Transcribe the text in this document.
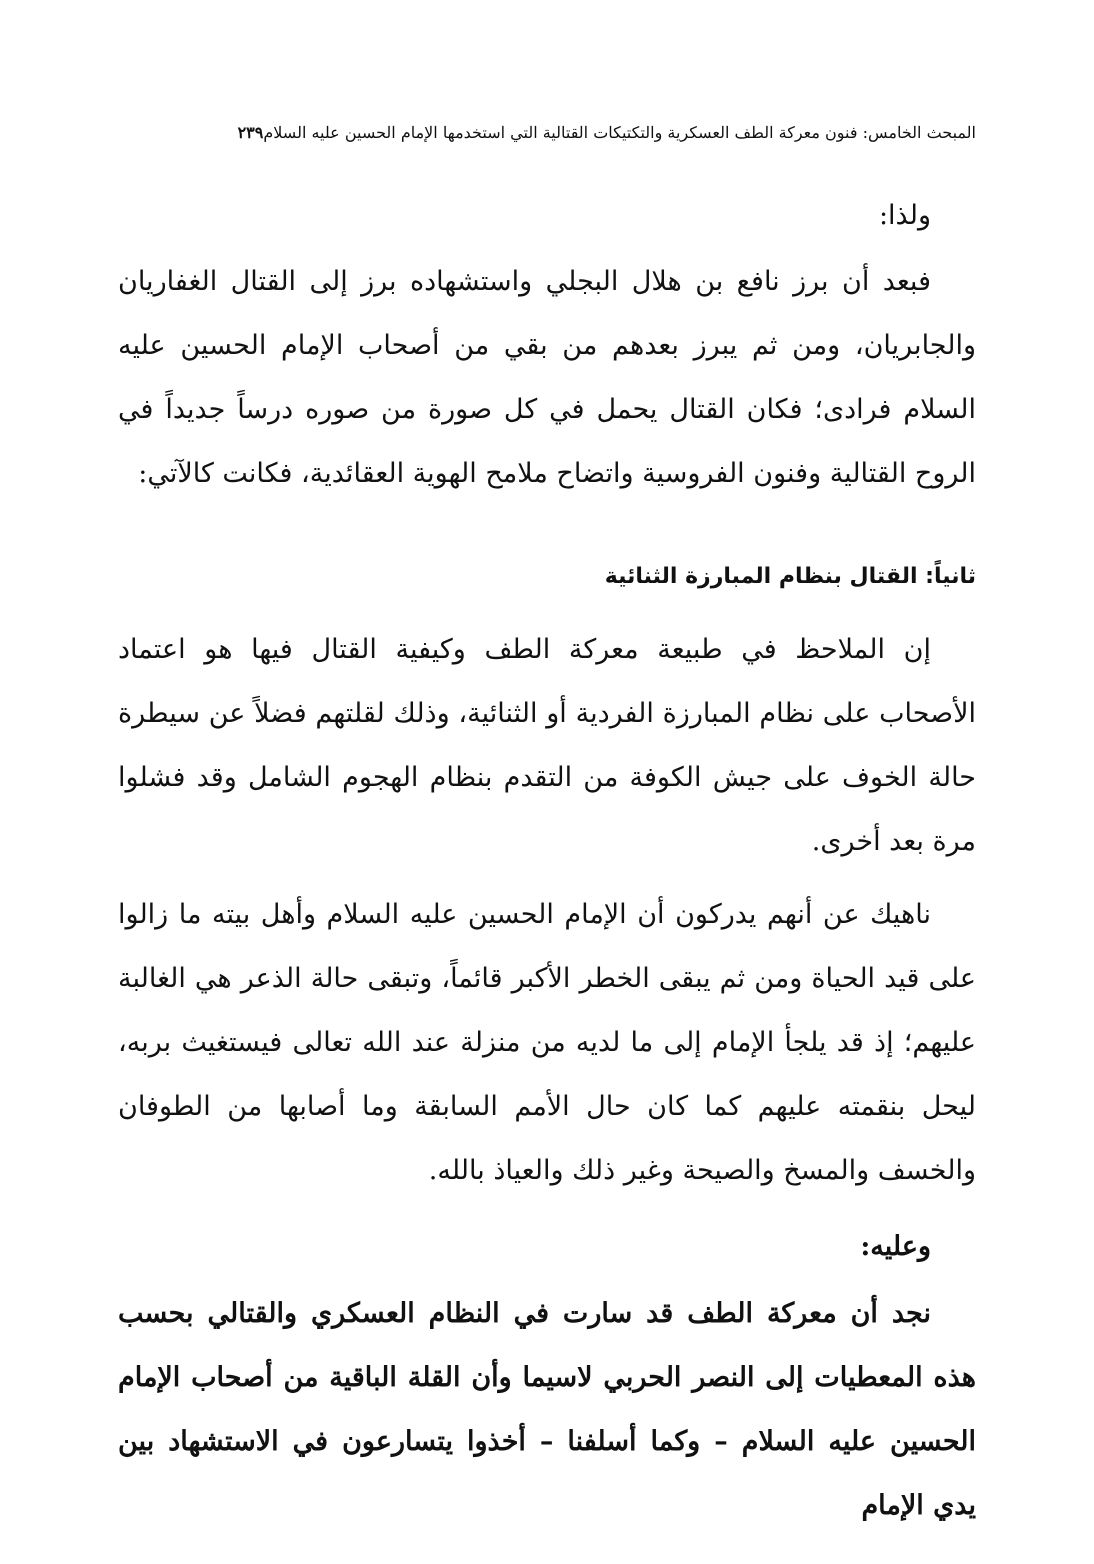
المبحث الخامس: فنون معركة الطف العسكرية والتكتيكات القتالية التي استخدمها الإمام الحسين عليه السلام٢٣٩

ولذا:

فبعد أن برز نافع بن هلال البجلي واستشهاده برز إلى القتال الغفاريان والجابريان، ومن ثم يبرز بعدهم من بقي من أصحاب الإمام الحسين عليه السلام فرادى؛ فكان القتال يحمل في كل صورة من صوره درساً جديداً في الروح القتالية وفنون الفروسية واتضاح ملامح الهوية العقائدية، فكانت كالآتي:

ثانياً: القتال بنظام المبارزة الثنائية

إن الملاحظ في طبيعة معركة الطف وكيفية القتال فيها هو اعتماد الأصحاب على نظام المبارزة الفردية أو الثنائية، وذلك لقلتهم فضلاً عن سيطرة حالة الخوف على جيش الكوفة من التقدم بنظام الهجوم الشامل وقد فشلوا مرة بعد أخرى.

ناهيك عن أنهم يدركون أن الإمام الحسين عليه السلام وأهل بيته ما زالوا على قيد الحياة ومن ثم يبقى الخطر الأكبر قائماً، وتبقى حالة الذعر هي الغالبة عليهم؛ إذ قد يلجأ الإمام إلى ما لديه من منزلة عند الله تعالى فيستغيث بربه، ليحل بنقمته عليهم كما كان حال الأمم السابقة وما أصابها من الطوفان والخسف والمسخ والصيحة وغير ذلك والعياذ بالله.

وعليه:

نجد أن معركة الطف قد سارت في النظام العسكري والقتالي بحسب هذه المعطيات إلى النصر الحربي لاسيما وأن القلة الباقية من أصحاب الإمام الحسين عليه السلام – وكما أسلفنا – أخذوا يتسارعون في الاستشهاد بين يدي الإمام
